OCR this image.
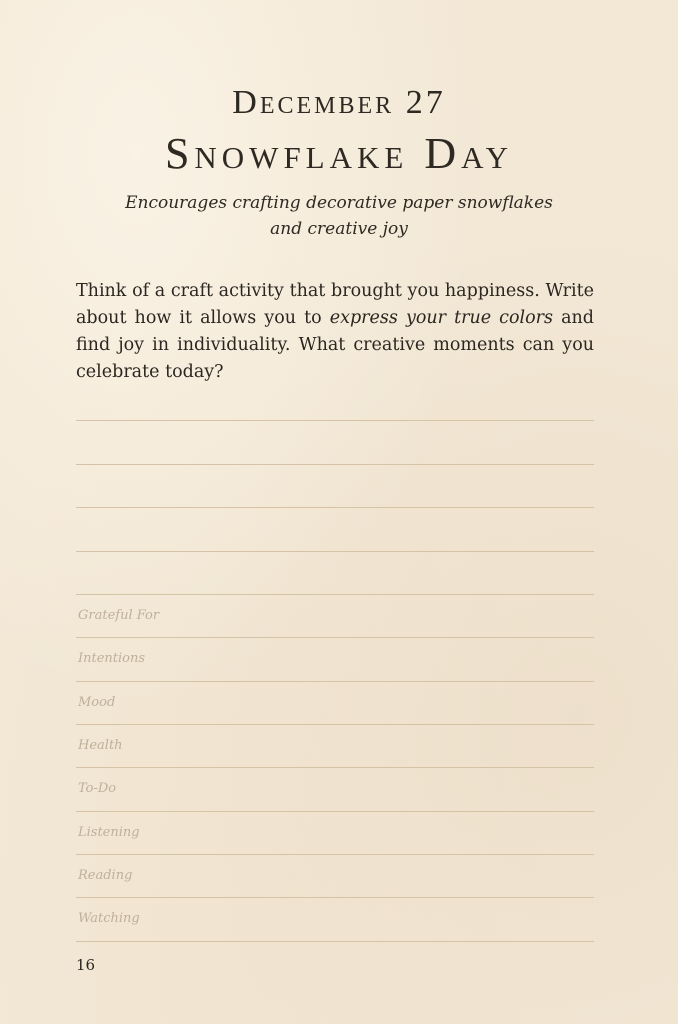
December 27
Snowflake Day
Encourages crafting decorative paper snowflakes and creative joy
Think of a craft activity that brought you happiness. Write about how it allows you to express your true colors and find joy in individuality. What creative moments can you celebrate today?
Grateful For
Intentions
Mood
Health
To-Do
Listening
Reading
Watching
16
